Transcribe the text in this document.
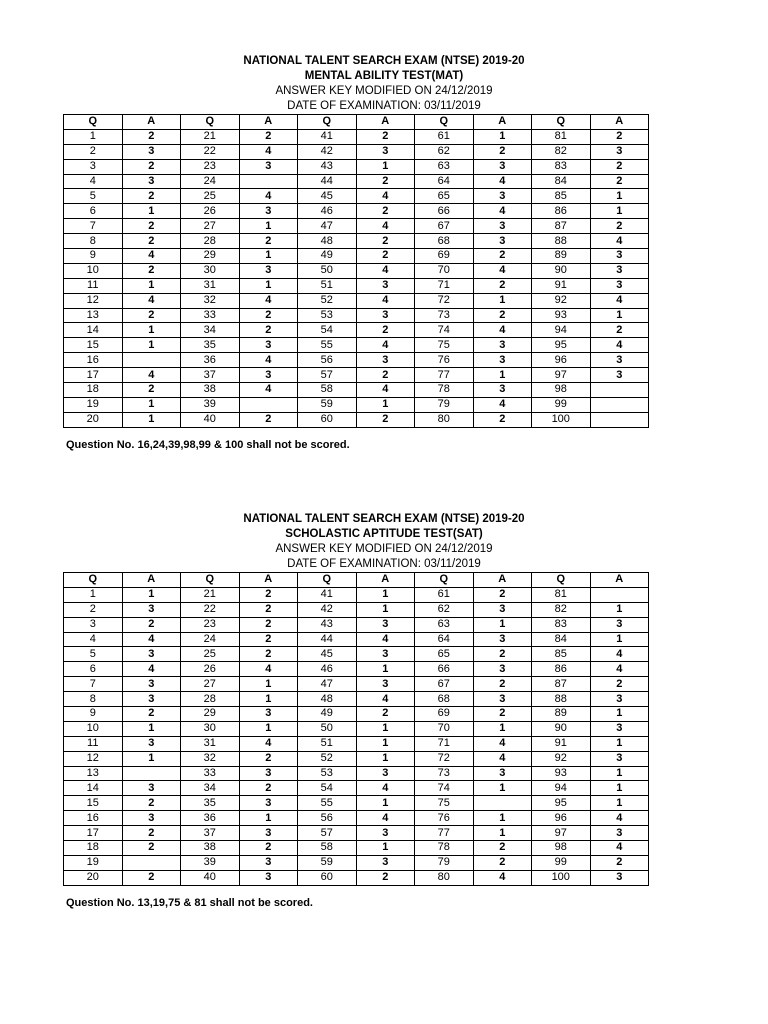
NATIONAL TALENT SEARCH EXAM (NTSE) 2019-20
MENTAL ABILITY TEST(MAT)
ANSWER KEY MODIFIED ON 24/12/2019
DATE OF EXAMINATION: 03/11/2019
Q	A	Q	A	Q	A	Q	A	Q	A
1	2	21	2	41	2	61	1	81	2
2	3	22	4	42	3	62	2	82	3
3	2	23	3	43	1	63	3	83	2
4	3	24		44	2	64	4	84	2
5	2	25	4	45	4	65	3	85	1
6	1	26	3	46	2	66	4	86	1
7	2	27	1	47	4	67	3	87	2
8	2	28	2	48	2	68	3	88	4
9	4	29	1	49	2	69	2	89	3
10	2	30	3	50	4	70	4	90	3
11	1	31	1	51	3	71	2	91	3
12	4	32	4	52	4	72	1	92	4
13	2	33	2	53	3	73	2	93	1
14	1	34	2	54	2	74	4	94	2
15	1	35	3	55	4	75	3	95	4
16		36	4	56	3	76	3	96	3
17	4	37	3	57	2	77	1	97	3
18	2	38	4	58	4	78	3	98	
19	1	39		59	1	79	4	99	
20	1	40	2	60	2	80	2	100	
Question No. 16,24,39,98,99 & 100 shall not be scored.
NATIONAL TALENT SEARCH EXAM (NTSE) 2019-20
SCHOLASTIC APTITUDE TEST(SAT)
ANSWER KEY MODIFIED ON 24/12/2019
DATE OF EXAMINATION: 03/11/2019
Q	A	Q	A	Q	A	Q	A	Q	A
1	1	21	2	41	1	61	2	81	
2	3	22	2	42	1	62	3	82	1
3	2	23	2	43	3	63	1	83	3
4	4	24	2	44	4	64	3	84	1
5	3	25	2	45	3	65	2	85	4
6	4	26	4	46	1	66	3	86	4
7	3	27	1	47	3	67	2	87	2
8	3	28	1	48	4	68	3	88	3
9	2	29	3	49	2	69	2	89	1
10	1	30	1	50	1	70	1	90	3
11	3	31	4	51	1	71	4	91	1
12	1	32	2	52	1	72	4	92	3
13		33	3	53	3	73	3	93	1
14	3	34	2	54	4	74	1	94	1
15	2	35	3	55	1	75		95	1
16	3	36	1	56	4	76	1	96	4
17	2	37	3	57	3	77	1	97	3
18	2	38	2	58	1	78	2	98	4
19		39	3	59	3	79	2	99	2
20	2	40	3	60	2	80	4	100	3
Question No. 13,19,75 & 81 shall not be scored.
